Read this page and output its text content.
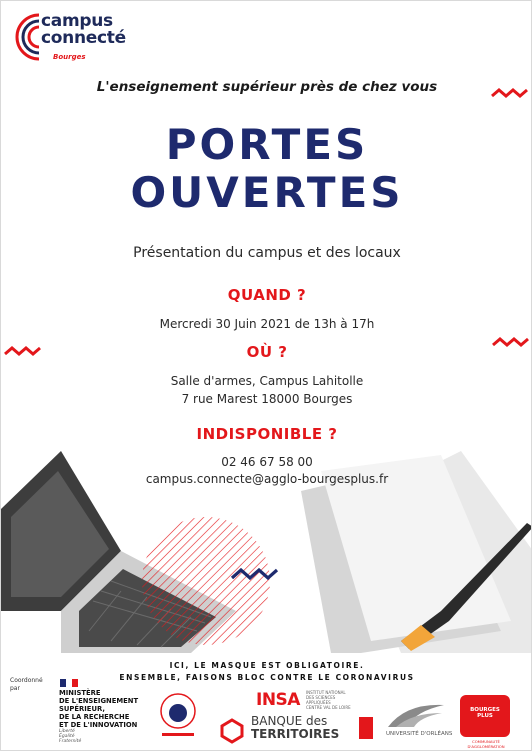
campus
connecté
Bourges
L'enseignement supérieur près de chez vous
PORTES
OUVERTES
Présentation du campus et des locaux
QUAND ?
Mercredi 30 Juin 2021 de 13h à 17h
OÙ ?
Salle d'armes, Campus Lahitolle
7 rue Marest 18000 Bourges
INDISPONIBLE ?
02 46 67 58 00
campus.connecte@agglo-bourgesplus.fr
ICI, LE MASQUE EST OBLIGATOIRE.
ENSEMBLE, FAISONS BLOC CONTRE LE CORONAVIRUS
Coordonné
par
MINISTÈRE
DE L'ENSEIGNEMENT
SUPÉRIEUR,
DE LA RECHERCHE
ET DE L'INNOVATION
Liberté
Égalité
Fraternité
INSA INSTITUT NATIONAL
DES SCIENCES
APPLIQUÉES
CENTRE VAL DE LOIRE
BANQUE des
TERRITOIRES	UNIVERSITÉ D'ORLÉANS
BOURGES
PLUS
COMMUNAUTÉ D'AGGLOMÉRATION
